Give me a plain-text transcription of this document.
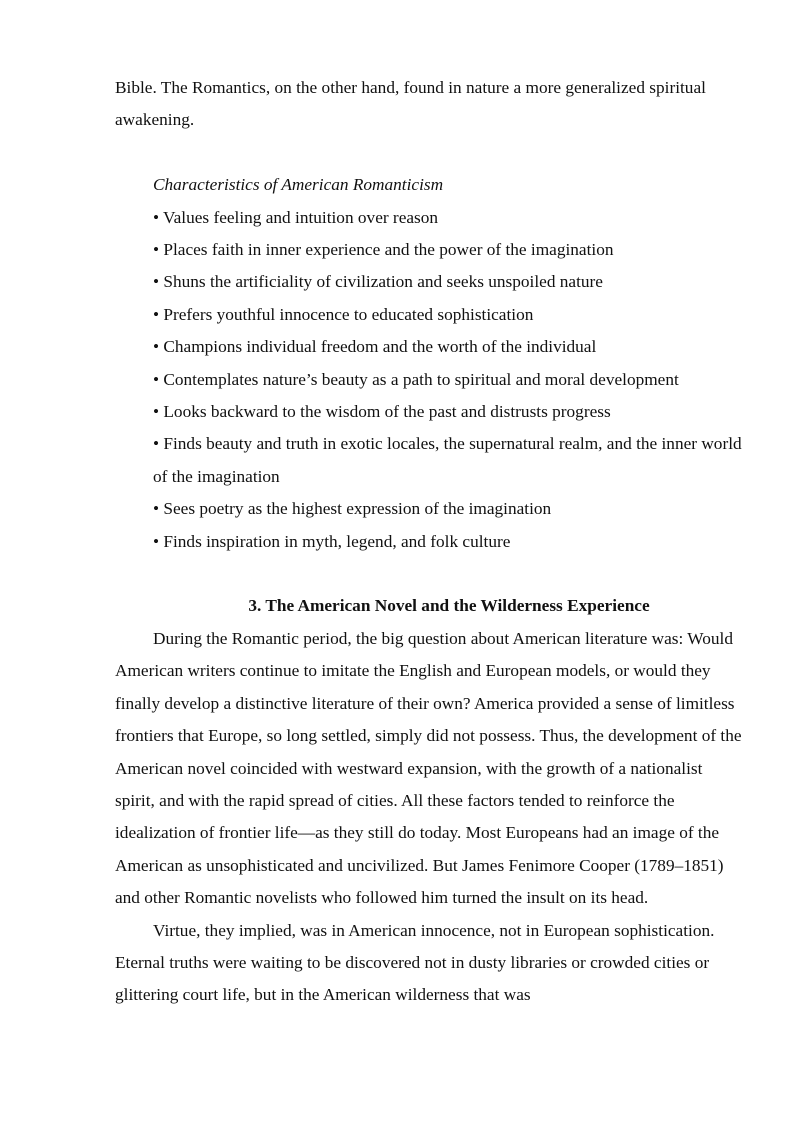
Bible. The Romantics, on the other hand, found in nature a more generalized spiritual awakening.

Characteristics of American Romanticism

• Values feeling and intuition over reason

• Places faith in inner experience and the power of the imagination

• Shuns the artificiality of civilization and seeks unspoiled nature

• Prefers youthful innocence to educated sophistication

• Champions individual freedom and the worth of the individual

• Contemplates nature’s beauty as a path to spiritual and moral development

• Looks backward to the wisdom of the past and distrusts progress

• Finds beauty and truth in exotic locales, the supernatural realm, and the inner world of the imagination

• Sees poetry as the highest expression of the imagination

• Finds inspiration in myth, legend, and folk culture

3. The American Novel and the Wilderness Experience

During the Romantic period, the big question about American literature was: Would American writers continue to imitate the English and European models, or would they finally develop a distinctive literature of their own? America provided a sense of limitless frontiers that Europe, so long settled, simply did not possess. Thus, the development of the American novel coincided with westward expansion, with the growth of a nationalist spirit, and with the rapid spread of cities. All these factors tended to reinforce the idealization of frontier life—as they still do today. Most Europeans had an image of the American as unsophisticated and uncivilized. But James Fenimore Cooper (1789–1851) and other Romantic novelists who followed him turned the insult on its head.

Virtue, they implied, was in American innocence, not in European sophistication. Eternal truths were waiting to be discovered not in dusty libraries or crowded cities or glittering court life, but in the American wilderness that was
